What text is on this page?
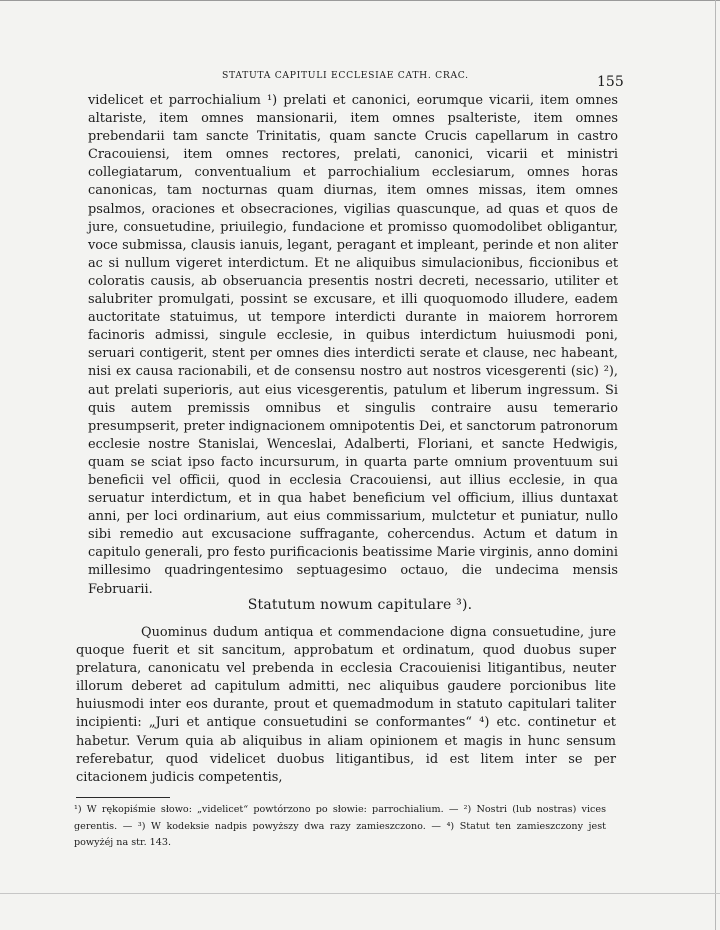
STATUTA CAPITULI ECCLESIAE CATH. CRAC.	155

videlicet et parrochialium ¹) prelati et canonici, eorumque vicarii, item omnes altariste, item omnes mansionarii, item omnes psalteriste, item omnes prebendarii tam sancte Trinitatis, quam sancte Crucis capellarum in castro Cracouiensi, item omnes rectores, prelati, canonici, vicarii et ministri collegiatarum, conventualium et parrochialium ecclesiarum, omnes horas canonicas, tam nocturnas quam diurnas, item omnes missas, item omnes psalmos, oraciones et obsecraciones, vigilias quascunque, ad quas et quos de jure, consuetudine, priuilegio, fundacione et promisso quomodolibet obligantur, voce submissa, clausis ianuis, legant, peragant et impleant, perinde et non aliter ac si nullum vigeret interdictum. Et ne aliquibus simulacionibus, ficcionibus et coloratis causis, ab obseruancia presentis nostri decreti, necessario, utiliter et salubriter promulgati, possint se excusare, et illi quoquomodo illudere, eadem auctoritate statuimus, ut tempore interdicti durante in maiorem horrorem facinoris admissi, singule ecclesie, in quibus interdictum huiusmodi poni, seruari contigerit, stent per omnes dies interdicti serate et clause, nec habeant, nisi ex causa racionabili, et de consensu nostro aut nostros vicesgerenti (sic) ²), aut prelati superioris, aut eius vicesgerentis, patulum et liberum ingressum. Si quis autem premissis omnibus et singulis contraire ausu temerario presumpserit, preter indignacionem omnipotentis Dei, et sanctorum patronorum ecclesie nostre Stanislai, Wenceslai, Adalberti, Floriani, et sancte Hedwigis, quam se sciat ipso facto incursurum, in quarta parte omnium proventuum sui beneficii vel officii, quod in ecclesia Cracouiensi, aut illius ecclesie, in qua seruatur interdictum, et in qua habet beneficium vel officium, illius duntaxat anni, per loci ordinarium, aut eius commissarium, mulctetur et puniatur, nullo sibi remedio aut excusacione suffragante, cohercendus. Actum et datum in capitulo generali, pro festo purificacionis beatissime Marie virginis, anno domini millesimo quadringentesimo septuagesimo octauo, die undecima mensis Februarii.

Statutum nowum capitulare ³).

Quominus dudum antiqua et commendacione digna consuetudine, jure quoque fuerit et sit sancitum, approbatum et ordinatum, quod duobus super prelatura, canonicatu vel prebenda in ecclesia Cracouienisi litigantibus, neuter illorum deberet ad capitulum admitti, nec aliquibus gaudere porcionibus lite huiusmodi inter eos durante, prout et quemadmodum in statuto capitulari taliter incipienti: „Juri et antique consuetudini se conformantes“ ⁴) etc. continetur et habetur. Verum quia ab aliquibus in aliam opinionem et magis in hunc sensum referebatur, quod videlicet duobus litigantibus, id est litem inter se per citacionem judicis competentis,

¹) W rękopiśmie słowo: „videlicet“ powtórzono po słowie: parrochialium. — ²) Nostri (lub nostras) vices gerentis. — ³) W kodeksie nadpis powyższy dwa razy zamieszczono. — ⁴) Statut ten zamieszczony jest powyżéj na str. 143.
